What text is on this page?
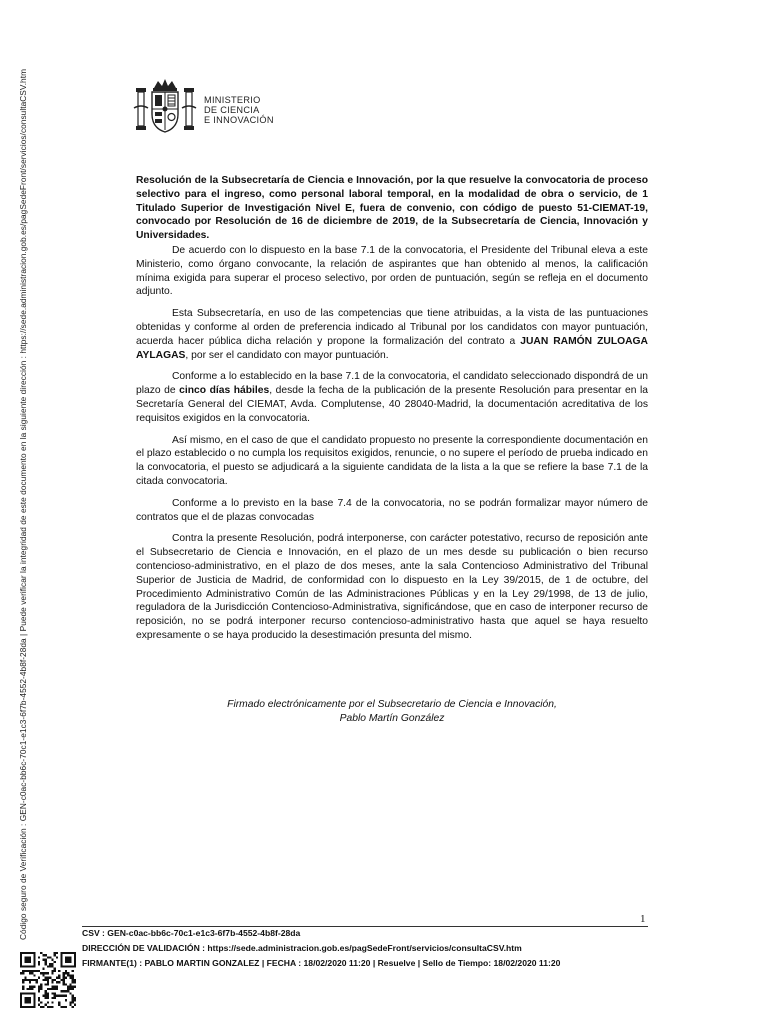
Código seguro de Verificación : GEN-c0ac-bb6c-70c1-e1c3-6f7b-4552-4b8f-28da | Puede verificar la integridad de este documento en la siguiente dirección : https://sede.administracion.gob.es/pagSedeFront/servicios/consultaCSV.htm	MINISTERIO
DE CIENCIA
E INNOVACIÓN

Resolución de la Subsecretaría de Ciencia e Innovación, por la que resuelve la convocatoria de proceso selectivo para el ingreso, como personal laboral temporal, en la modalidad de obra o servicio, de 1 Titulado Superior de Investigación Nivel E, fuera de convenio, con código de puesto 51-CIEMAT-19, convocado por Resolución de 16 de diciembre de 2019, de la Subsecretaría de Ciencia, Innovación y Universidades.

De acuerdo con lo dispuesto en la base 7.1 de la convocatoria, el Presidente del Tribunal eleva a este Ministerio, como órgano convocante, la relación de aspirantes que han obtenido al menos, la calificación mínima exigida para superar el proceso selectivo, por orden de puntuación, según se refleja en el documento adjunto.

Esta Subsecretaría, en uso de las competencias que tiene atribuidas, a la vista de las puntuaciones obtenidas y conforme al orden de preferencia indicado al Tribunal por los candidatos con mayor puntuación, acuerda hacer pública dicha relación y propone la formalización del contrato a JUAN RAMÓN ZULOAGA AYLAGAS, por ser el candidato con mayor puntuación.

Conforme a lo establecido en la base 7.1 de la convocatoria, el candidato seleccionado dispondrá de un plazo de cinco días hábiles, desde la fecha de la publicación de la presente Resolución para presentar en la Secretaría General del CIEMAT, Avda. Complutense, 40 28040-Madrid, la documentación acreditativa de los requisitos exigidos en la convocatoria.

Así mismo, en el caso de que el candidato propuesto no presente la correspondiente documentación en el plazo establecido o no cumpla los requisitos exigidos, renuncie, o no supere el período de prueba indicado en la convocatoria, el puesto se adjudicará a la siguiente candidata de la lista a la que se refiere la base 7.1 de la citada convocatoria.

Conforme a lo previsto en la base 7.4 de la convocatoria, no se podrán formalizar mayor número de contratos que el de plazas convocadas

Contra la presente Resolución, podrá interponerse, con carácter potestativo, recurso de reposición ante el Subsecretario de Ciencia e Innovación, en el plazo de un mes desde su publicación o bien recurso contencioso-administrativo, en el plazo de dos meses, ante la sala Contencioso Administrativo del Tribunal Superior de Justicia de Madrid, de conformidad con lo dispuesto en la Ley 39/2015, de 1 de octubre, del Procedimiento Administrativo Común de las Administraciones Públicas y en la Ley 29/1998, de 13 de julio, reguladora de la Jurisdicción Contencioso-Administrativa, significándose, que en caso de interponer recurso de reposición, no se podrá interponer recurso contencioso-administrativo hasta que aquel se haya resuelto expresamente o se haya producido la desestimación presunta del mismo.

Firmado electrónicamente por el Subsecretario de Ciencia e Innovación,
Pablo Martín González
1
CSV : GEN-c0ac-bb6c-70c1-e1c3-6f7b-4552-4b8f-28da
DIRECCIÓN DE VALIDACIÓN : https://sede.administracion.gob.es/pagSedeFront/servicios/consultaCSV.htm
FIRMANTE(1) : PABLO MARTIN GONZALEZ | FECHA : 18/02/2020 11:20 | Resuelve | Sello de Tiempo: 18/02/2020 11:20
